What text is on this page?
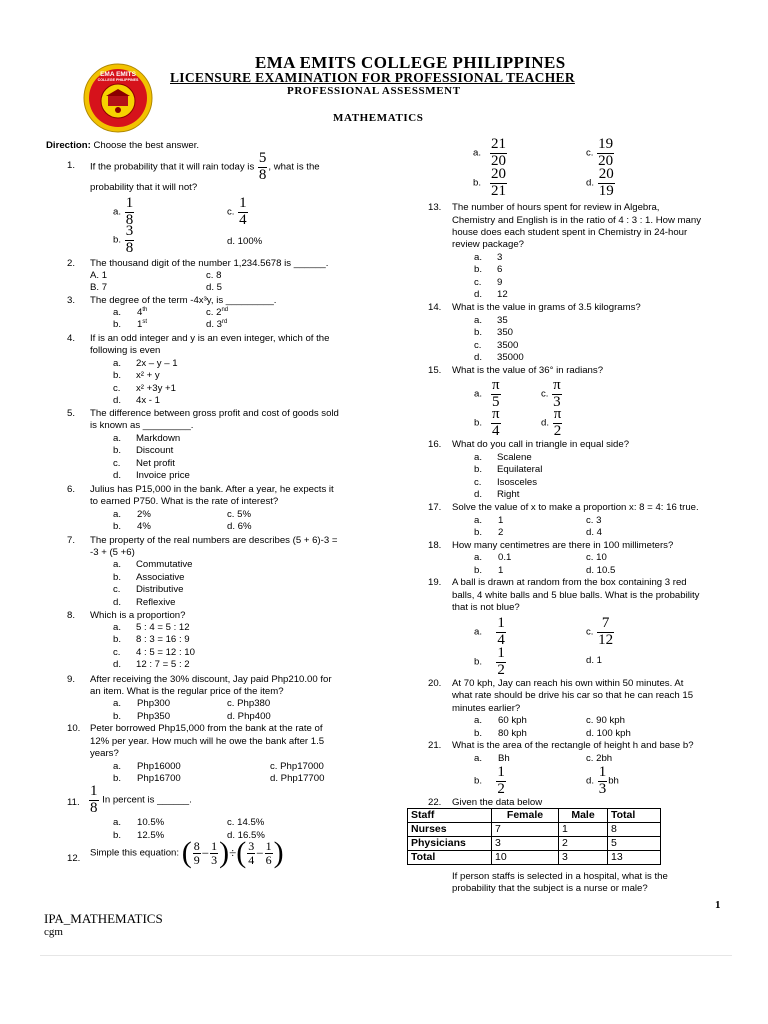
EMA EMITS
COLLEGE PHILIPPINES
EMA EMITS COLLEGE PHILIPPINES
LICENSURE EXAMINATION FOR PROFESSIONAL TEACHER
PROFESSIONAL ASSESSMENT
MATHEMATICS
Direction: Choose the best answer.
1. If the probability that it will rain today is $\frac{5}{8}$ , what is the
probability that it will not?
a. $\frac{1}{8}$	c. $\frac{1}{4}$
b. $\frac{3}{8}$	d. 100%
2. The thousand digit of the number 1,234.5678 is ______.
A. 1	c. 8
B. 7	d. 5
3. The degree of the term -4x³y, is _________.
a. 4th	c. 2nd
b. 1st	d. 3rd
4. If is an odd integer and y is an even integer, which of the
following is even
a. 2x – y – 1
b. x² + y
c. x² +3y +1
d. 4x - 1
5. The difference between gross profit and cost of goods sold
is known as _________.
a. Markdown
b. Discount
c. Net profit
d. Invoice price
6. Julius has P15,000 in the bank. After a year, he expects it
to earned P750. What is the rate of interest?
a.      2%	c. 5%
b.      4%	d. 6%
7. The property of the real numbers are describes (5 + 6)-3 =
-3 + (5 +6)
a. Commutative
b. Associative
c. Distributive
d. Reflexive
8. Which is a proportion?
a. 5 : 4 = 5 : 12
b. 8 : 3 = 16 : 9
c. 4 : 5 = 12 : 10
d. 12 : 7 = 5 : 2
9. After receiving the 30% discount, Jay paid Php210.00 for
an item. What is the regular price of the item?
a.      Php300	c. Php380
b.      Php350	d. Php400
10. Peter borrowed Php15,000 from the bank at the rate of
12% per year. How much will he owe the bank after 1.5
years?
a.      Php16000	c. Php17000
b.      Php16700	d. Php17700
11. $\frac{1}{8}$ In percent is ______.
a.      10.5%	c. 14.5%
b.      12.5%	d. 16.5%
12.
Simple this equation: ( $\frac{8}{9} - \frac{1}{3}$ )÷( $\frac{3}{4} - \frac{1}{6}$ )
a. $\frac{21}{20}$	c. $\frac{19}{20}$
b. $\frac{20}{21}$	d. $\frac{20}{19}$
13. The number of hours spent for review in Algebra,
Chemistry and English is in the ratio of 4 : 3 : 1. How many
house does each student spent in Chemistry in 24-hour
review package?
a. 3
b. 6
c. 9
d. 12
14. What is the value in grams of 3.5 kilograms?
a. 35
b. 350
c. 3500
d. 35000
15. What is the value of 36° in radians?
a. $\frac{\pi}{5}$	c. $\frac{\pi}{3}$
b. $\frac{\pi}{4}$	d. $\frac{\pi}{2}$
16. What do you call in triangle in equal side?
a. Scalene
b. Equilateral
c. Isosceles
d. Right
17. Solve the value of x to make a proportion x: 8 = 4: 16 true.
a.      1	c. 3
b.      2	d. 4
18. How many centimetres are there in 100 millimeters?
a.      0.1	c. 10
b.      1	d. 10.5
19. A ball is drawn at random from the box containing 3 red
balls, 4 white balls and 5 blue balls. What is the probability
that is not blue?
a. $\frac{1}{4}$	c. $\frac{7}{12}$
b. $\frac{1}{2}$	d. 1
20. At 70 kph, Jay can reach his own within 50 minutes. At
what rate should be drive his car so that he can reach 15
minutes earlier?
a.      60 kph	c. 90 kph
b.      80 kph	d. 100 kph
21. What is the area of the rectangle of height h and base b?
a.      Bh	c. 2bh
b. $\frac{1}{2}$	d. $\frac{1}{3}$ bh
22. Given the data below
Staff	Female	Male	Total
Nurses	7	1	8
Physicians	3	2	5
Total	10	3	13
If person staffs is selected in a hospital, what is the
probability that the subject is a nurse or male?
1
IPA_MATHEMATICS
cgm
